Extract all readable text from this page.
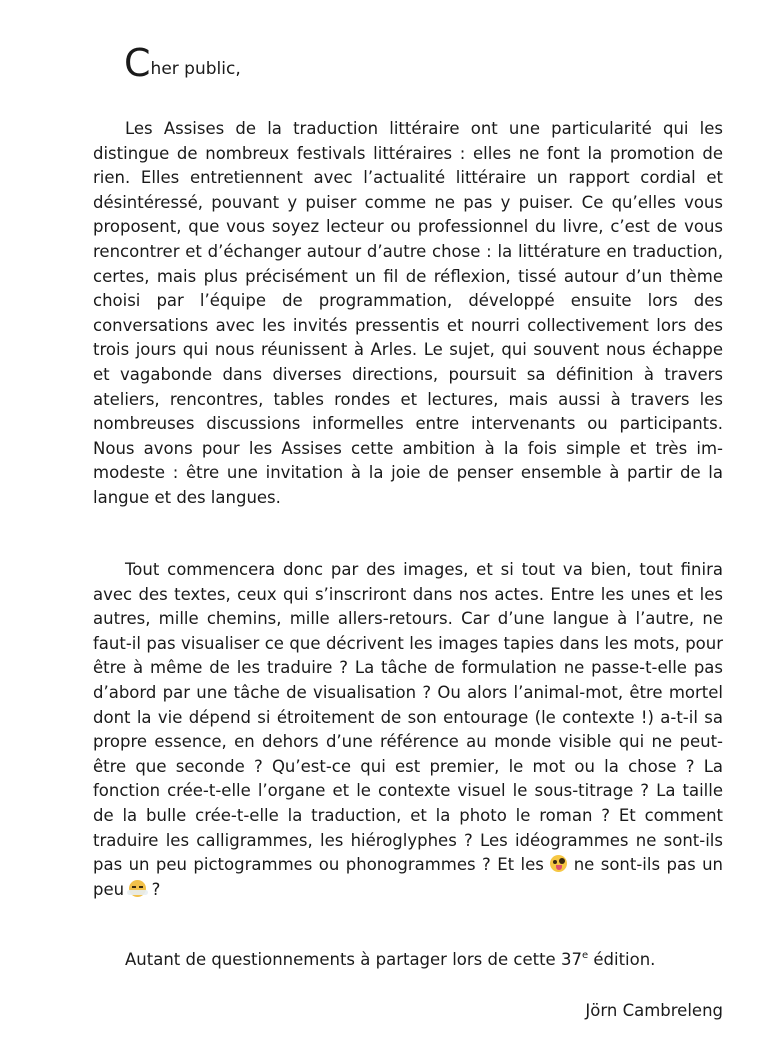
Cher public,

Les Assises de la traduction littéraire ont une particularité qui les distingue de nombreux festivals littéraires : elles ne font la promotion de rien. Elles entretiennent avec l’actualité littéraire un rapport cordial et désintéressé, pouvant y puiser comme ne pas y puiser. Ce qu’elles vous proposent, que vous soyez lecteur ou professionnel du livre, c’est de vous rencontrer et d’échanger autour d’autre chose : la littérature en traduction, certes, mais plus précisément un fil de réflexion, tissé autour d’un thème choisi par l’équipe de programmation, développé ensuite lors des conversations avec les invités pressentis et nourri collectivement lors des trois jours qui nous réunissent à Arles. Le sujet, qui souvent nous échappe et vagabonde dans diverses directions, poursuit sa définition à travers ateliers, rencontres, tables rondes et lectures, mais aussi à travers les nombreuses discussions informelles entre intervenants ou participants. Nous avons pour les Assises cette ambition à la fois simple et très immodeste : être une invitation à la joie de penser ensemble à partir de la langue et des langues.

Tout commencera donc par des images, et si tout va bien, tout finira avec des textes, ceux qui s’inscriront dans nos actes. Entre les unes et les autres, mille chemins, mille allers-retours. Car d’une langue à l’autre, ne faut-il pas visualiser ce que décrivent les images tapies dans les mots, pour être à même de les traduire ? La tâche de formulation ne passe-t-elle pas d’abord par une tâche de visualisation ? Ou alors l’animal-mot, être mortel dont la vie dépend si étroitement de son entourage (le contexte !) a-t-il sa propre essence, en dehors d’une référence au monde visible qui ne peut-être que seconde ? Qu’est-ce qui est premier, le mot ou la chose ? La fonction crée-t-elle l’organe et le contexte visuel le sous-titrage ? La taille de la bulle crée-t-elle la traduction, et la photo le roman ? Et comment traduire les calligrammes, les hiéroglyphes ? Les idéogrammes ne sont-ils pas un peu pictogrammes ou phonogrammes ? Et les ne sont-ils pas un peu ?

Autant de questionnements à partager lors de cette 37e édition.

Jörn Cambreleng
